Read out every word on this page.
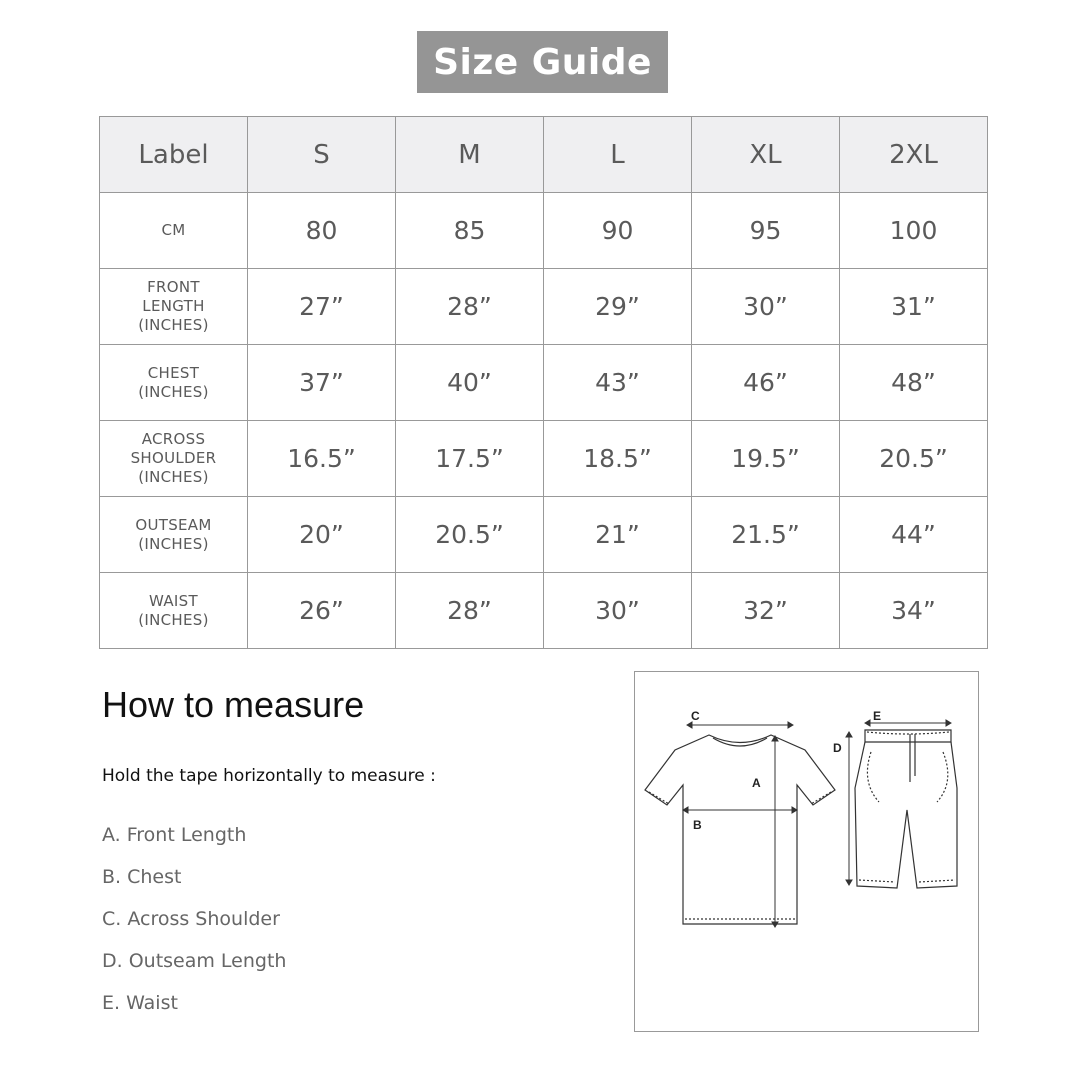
Size Guide
Label	S	M	L	XL	2XL

CM	80	85	90	95	100

FRONT
LENGTH
(INCHES)	27”	28”	29”	30”	31”

CHEST
(INCHES)	37”	40”	43”	46”	48”

ACROSS
SHOULDER
(INCHES)	16.5”	17.5”	18.5”	19.5”	20.5”

OUTSEAM
(INCHES)	20”	20.5”	21”	21.5”	44”

WAIST
(INCHES)	26”	28”	30”	32”	34”
How to measure
Hold the tape horizontally to measure :
A. Front Length
B. Chest
C. Across Shoulder
D. Outseam Length
E. Waist
C
A
B
D
E
